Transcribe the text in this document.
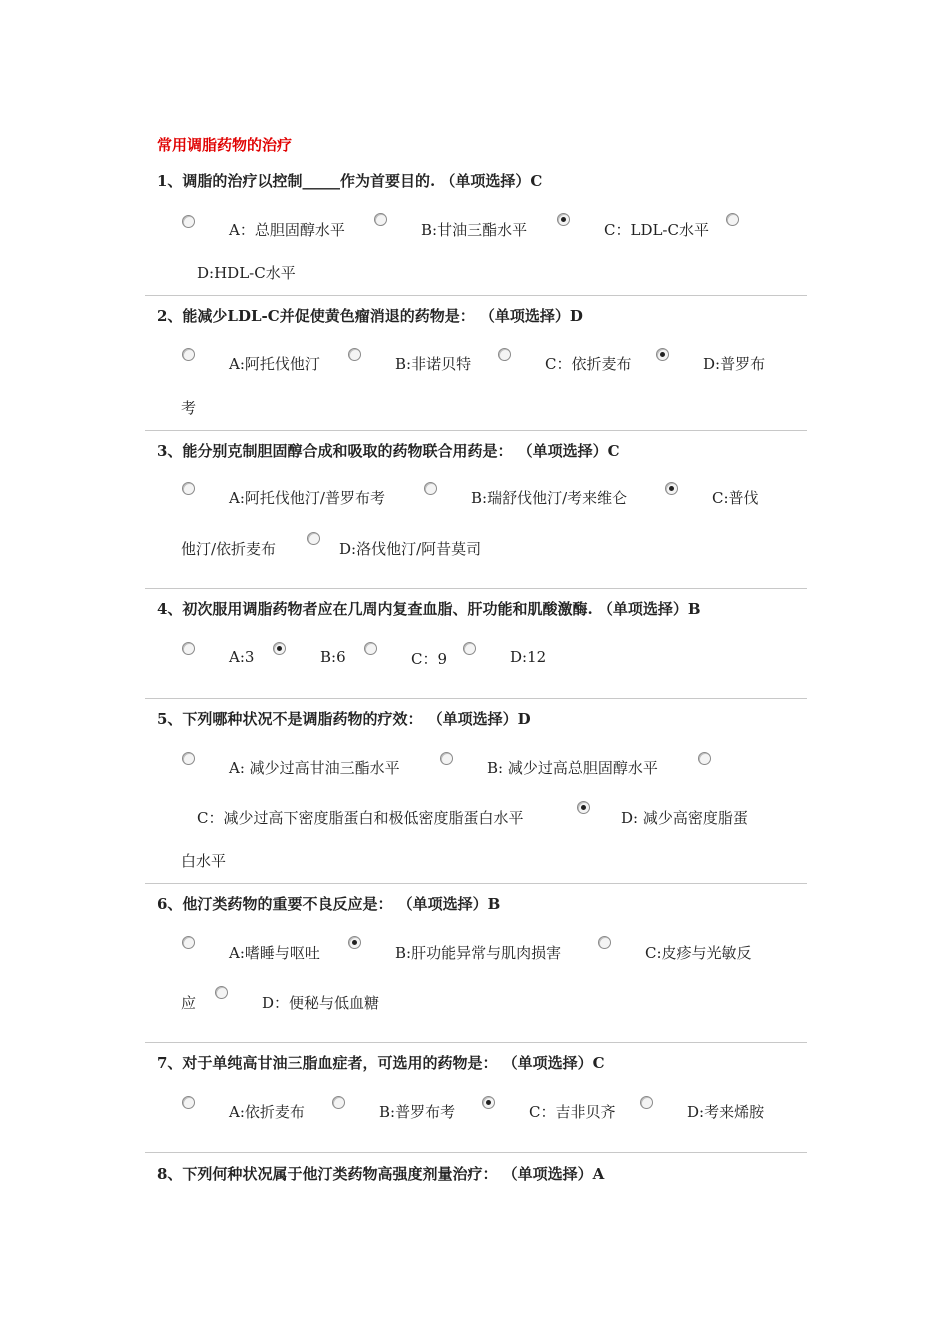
常用调脂药物的治疗
1、调脂的治疗以控制_____作为首要目的. （单项选择）C
A：总胆固醇水平	B:甘油三酯水平	C：LDL-C水平
D:HDL-C水平
2、能减少LDL-C并促使黄色瘤消退的药物是： （单项选择）D
A:阿托伐他汀	B:非诺贝特	C：依折麦布	D:普罗布
考
3、能分别克制胆固醇合成和吸取的药物联合用药是： （单项选择）C
A:阿托伐他汀/普罗布考	B:瑞舒伐他汀/考来维仑	C:普伐
他汀/依折麦布	D:洛伐他汀/阿昔莫司
4、初次服用调脂药物者应在几周内复查血脂、肝功能和肌酸激酶. （单项选择）B
A:3	B:6	C：9	D:12
5、下列哪种状况不是调脂药物的疗效： （单项选择）D
A: 减少过高甘油三酯水平	B: 减少过高总胆固醇水平
C：减少过高下密度脂蛋白和极低密度脂蛋白水平	D: 减少高密度脂蛋
白水平
6、他汀类药物的重要不良反应是： （单项选择）B
A:嗜睡与呕吐	B:肝功能异常与肌肉损害	C:皮疹与光敏反
应	D：便秘与低血糖
7、对于单纯高甘油三脂血症者，可选用的药物是： （单项选择）C
A:依折麦布	B:普罗布考	C：吉非贝齐	D:考来烯胺
8、下列何种状况属于他汀类药物高强度剂量治疗： （单项选择）A
